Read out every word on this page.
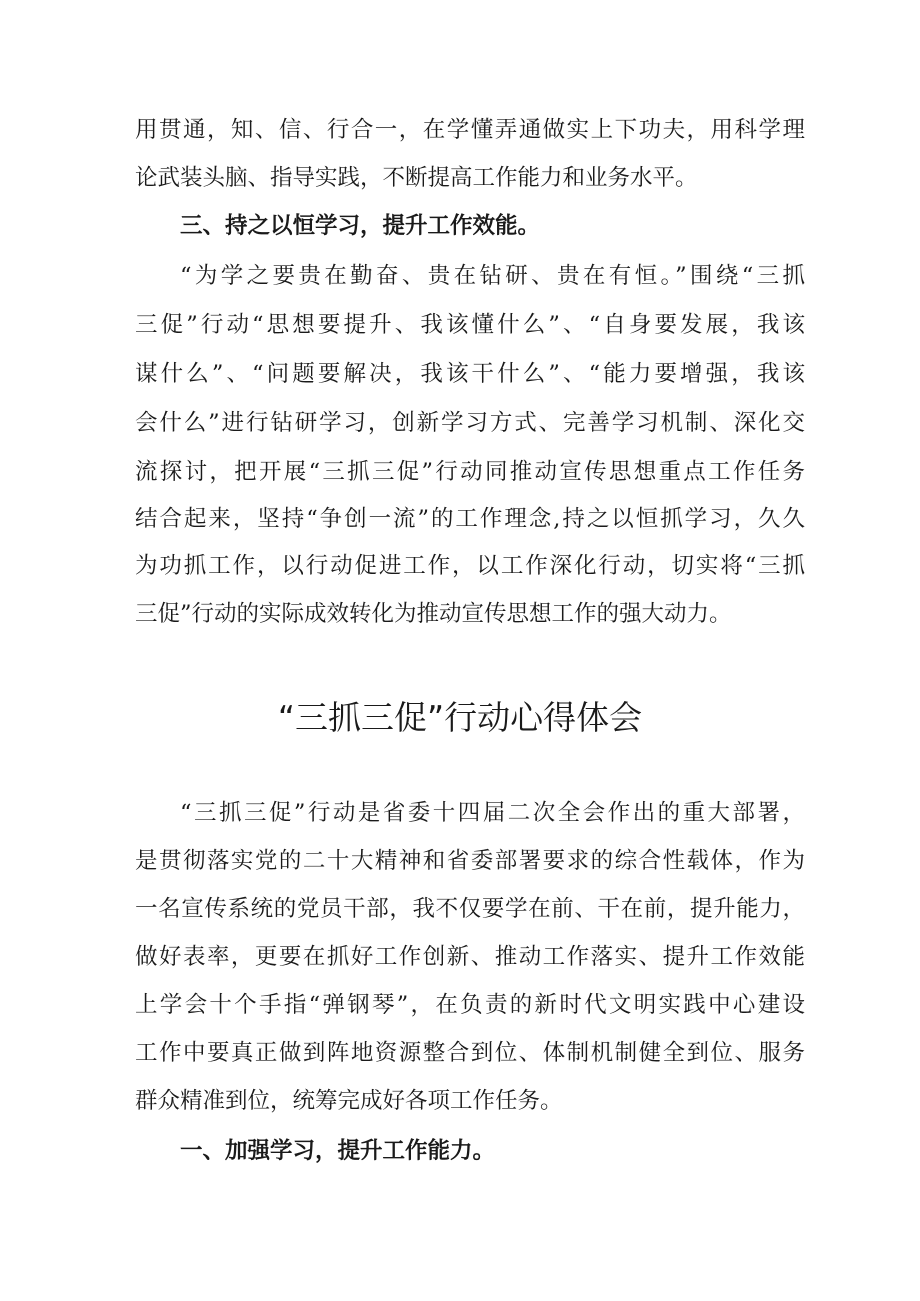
用贯通，知、信、行合一，在学懂弄通做实上下功夫，用科学理
论武装头脑、指导实践，不断提高工作能力和业务水平。
三、持之以恒学习，提升工作效能。
“为学之要贵在勤奋、贵在钻研、贵在有恒。”围绕“三抓
三促”行动“思想要提升、我该懂什么”、“自身要发展，我该
谋什么”、“问题要解决，我该干什么”、“能力要增强，我该
会什么”进行钻研学习，创新学习方式、完善学习机制、深化交
流探讨，把开展“三抓三促”行动同推动宣传思想重点工作任务
结合起来，坚持“争创一流”的工作理念,持之以恒抓学习，久久
为功抓工作，以行动促进工作，以工作深化行动，切实将“三抓
三促”行动的实际成效转化为推动宣传思想工作的强大动力。
“三抓三促”行动心得体会
“三抓三促”行动是省委十四届二次全会作出的重大部署，
是贯彻落实党的二十大精神和省委部署要求的综合性载体，作为
一名宣传系统的党员干部，我不仅要学在前、干在前，提升能力，
做好表率，更要在抓好工作创新、推动工作落实、提升工作效能
上学会十个手指“弹钢琴”，在负责的新时代文明实践中心建设
工作中要真正做到阵地资源整合到位、体制机制健全到位、服务
群众精准到位，统筹完成好各项工作任务。
一、加强学习，提升工作能力。
